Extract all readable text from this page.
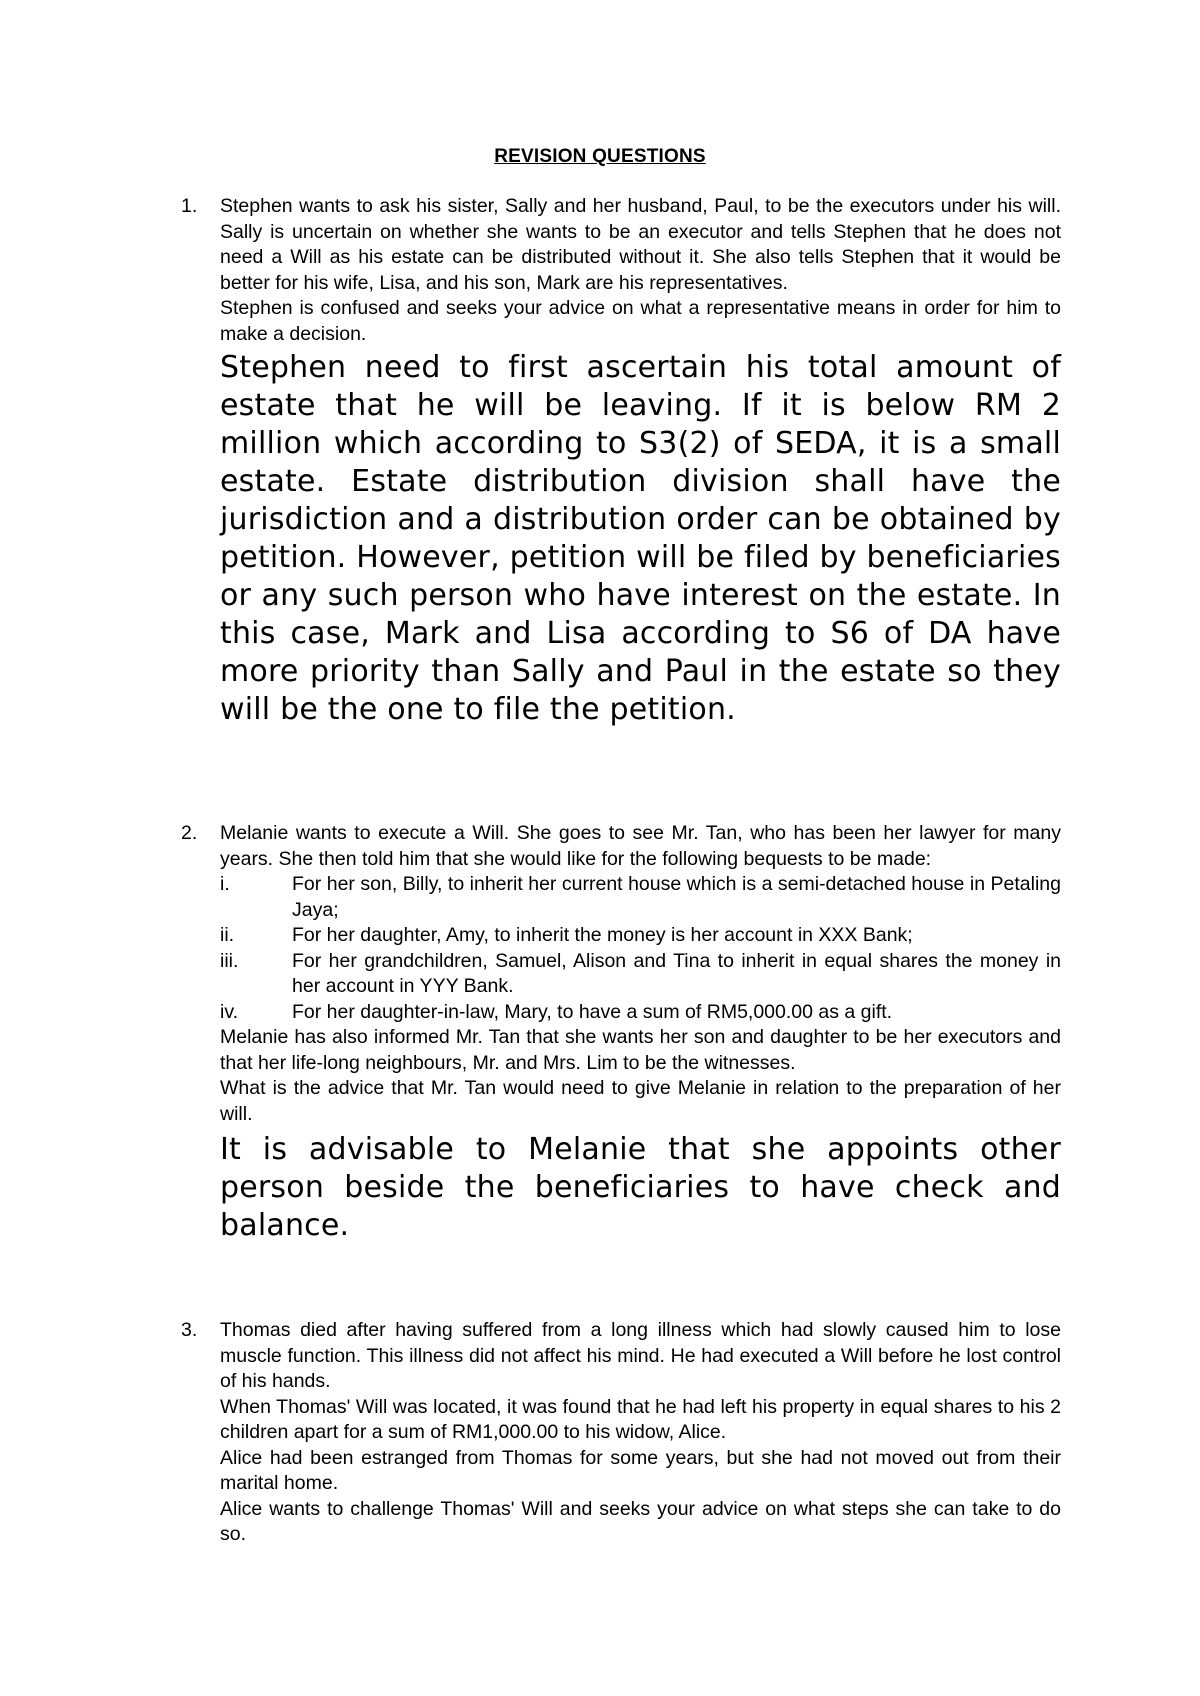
REVISION QUESTIONS
1. Stephen wants to ask his sister, Sally and her husband, Paul, to be the executors under his will. Sally is uncertain on whether she wants to be an executor and tells Stephen that he does not need a Will as his estate can be distributed without it. She also tells Stephen that it would be better for his wife, Lisa, and his son, Mark are his representatives.

Stephen is confused and seeks your advice on what a representative means in order for him to make a decision.

Stephen need to first ascertain his total amount of estate that he will be leaving. If it is below RM 2 million which according to S3(2) of SEDA, it is a small estate. Estate distribution division shall have the jurisdiction and a distribution order can be obtained by petition. However, petition will be filed by beneficiaries or any such person who have interest on the estate. In this case, Mark and Lisa according to S6 of DA have more priority than Sally and Paul in the estate so they will be the one to file the petition.

2. Melanie wants to execute a Will. She goes to see Mr. Tan, who has been her lawyer for many years. She then told him that she would like for the following bequests to be made:

i.	For her son, Billy, to inherit her current house which is a semi-detached house in Petaling Jaya;
ii.	For her daughter, Amy, to inherit the money is her account in XXX Bank;
iii.	For her grandchildren, Samuel, Alison and Tina to inherit in equal shares the money in her account in YYY Bank.
iv.	For her daughter-in-law, Mary, to have a sum of RM5,000.00 as a gift.

Melanie has also informed Mr. Tan that she wants her son and daughter to be her executors and that her life-long neighbours, Mr. and Mrs. Lim to be the witnesses.

What is the advice that Mr. Tan would need to give Melanie in relation to the preparation of her will.

It is advisable to Melanie that she appoints other person beside the beneficiaries to have check and balance.

3. Thomas died after having suffered from a long illness which had slowly caused him to lose muscle function. This illness did not affect his mind. He had executed a Will before he lost control of his hands.

When Thomas' Will was located, it was found that he had left his property in equal shares to his 2 children apart for a sum of RM1,000.00 to his widow, Alice.

Alice had been estranged from Thomas for some years, but she had not moved out from their marital home.

Alice wants to challenge Thomas' Will and seeks your advice on what steps she can take to do so.
